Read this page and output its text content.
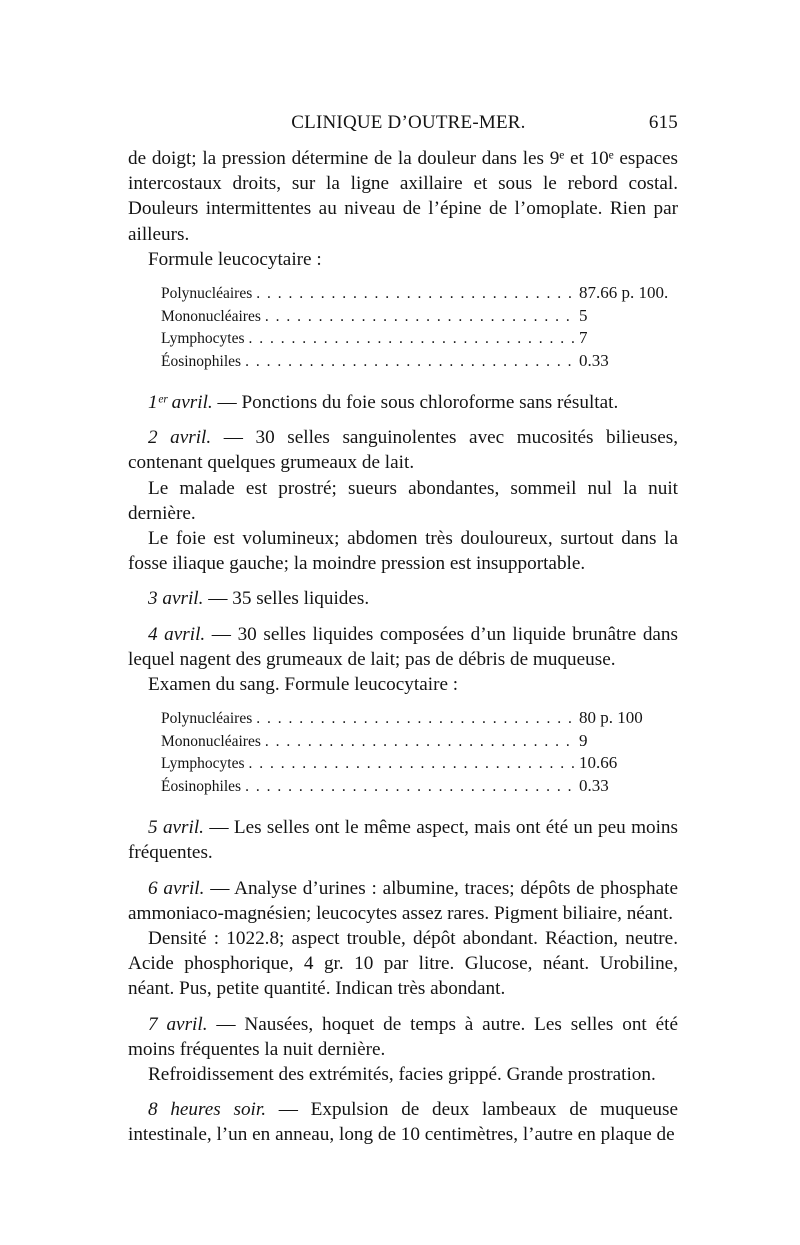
CLINIQUE D’OUTRE-MER.	615

de doigt; la pression détermine de la douleur dans les 9ᵉ et 10ᵉ espaces intercostaux droits, sur la ligne axillaire et sous le rebord costal. Douleurs intermittentes au niveau de l’épine de l’omoplate. Rien par ailleurs.

Formule leucocytaire :

Polynucléaires . . .	87.66 p. 100.
Mononucléaires . . .	5
Lymphocytes . . .	7
Éosinophiles . . .	0.33

1ᵉʳ avril. — Ponctions du foie sous chloroforme sans résultat.

2 avril. — 30 selles sanguinolentes avec mucosités bilieuses, contenant quelques grumeaux de lait.

Le malade est prostré; sueurs abondantes, sommeil nul la nuit dernière.

Le foie est volumineux; abdomen très douloureux, surtout dans la fosse iliaque gauche; la moindre pression est insupportable.

3 avril. — 35 selles liquides.

4 avril. — 30 selles liquides composées d’un liquide brunâtre dans lequel nagent des grumeaux de lait; pas de débris de muqueuse.

Examen du sang. Formule leucocytaire :

Polynucléaires . . .	80 p. 100
Mononucléaires . . .	9
Lymphocytes . . .	10.66
Éosinophiles . . .	0.33

5 avril. — Les selles ont le même aspect, mais ont été un peu moins fréquentes.

6 avril. — Analyse d’urines : albumine, traces; dépôts de phosphate ammoniaco-magnésien; leucocytes assez rares. Pigment biliaire, néant.

Densité : 1022.8; aspect trouble, dépôt abondant. Réaction, neutre. Acide phosphorique, 4 gr. 10 par litre. Glucose, néant. Urobiline, néant. Pus, petite quantité. Indican très abondant.

7 avril. — Nausées, hoquet de temps à autre. Les selles ont été moins fréquentes la nuit dernière.

Refroidissement des extrémités, facies grippé. Grande prostration.

8 heures soir. — Expulsion de deux lambeaux de muqueuse intestinale, l’un en anneau, long de 10 centimètres, l’autre en plaque de
